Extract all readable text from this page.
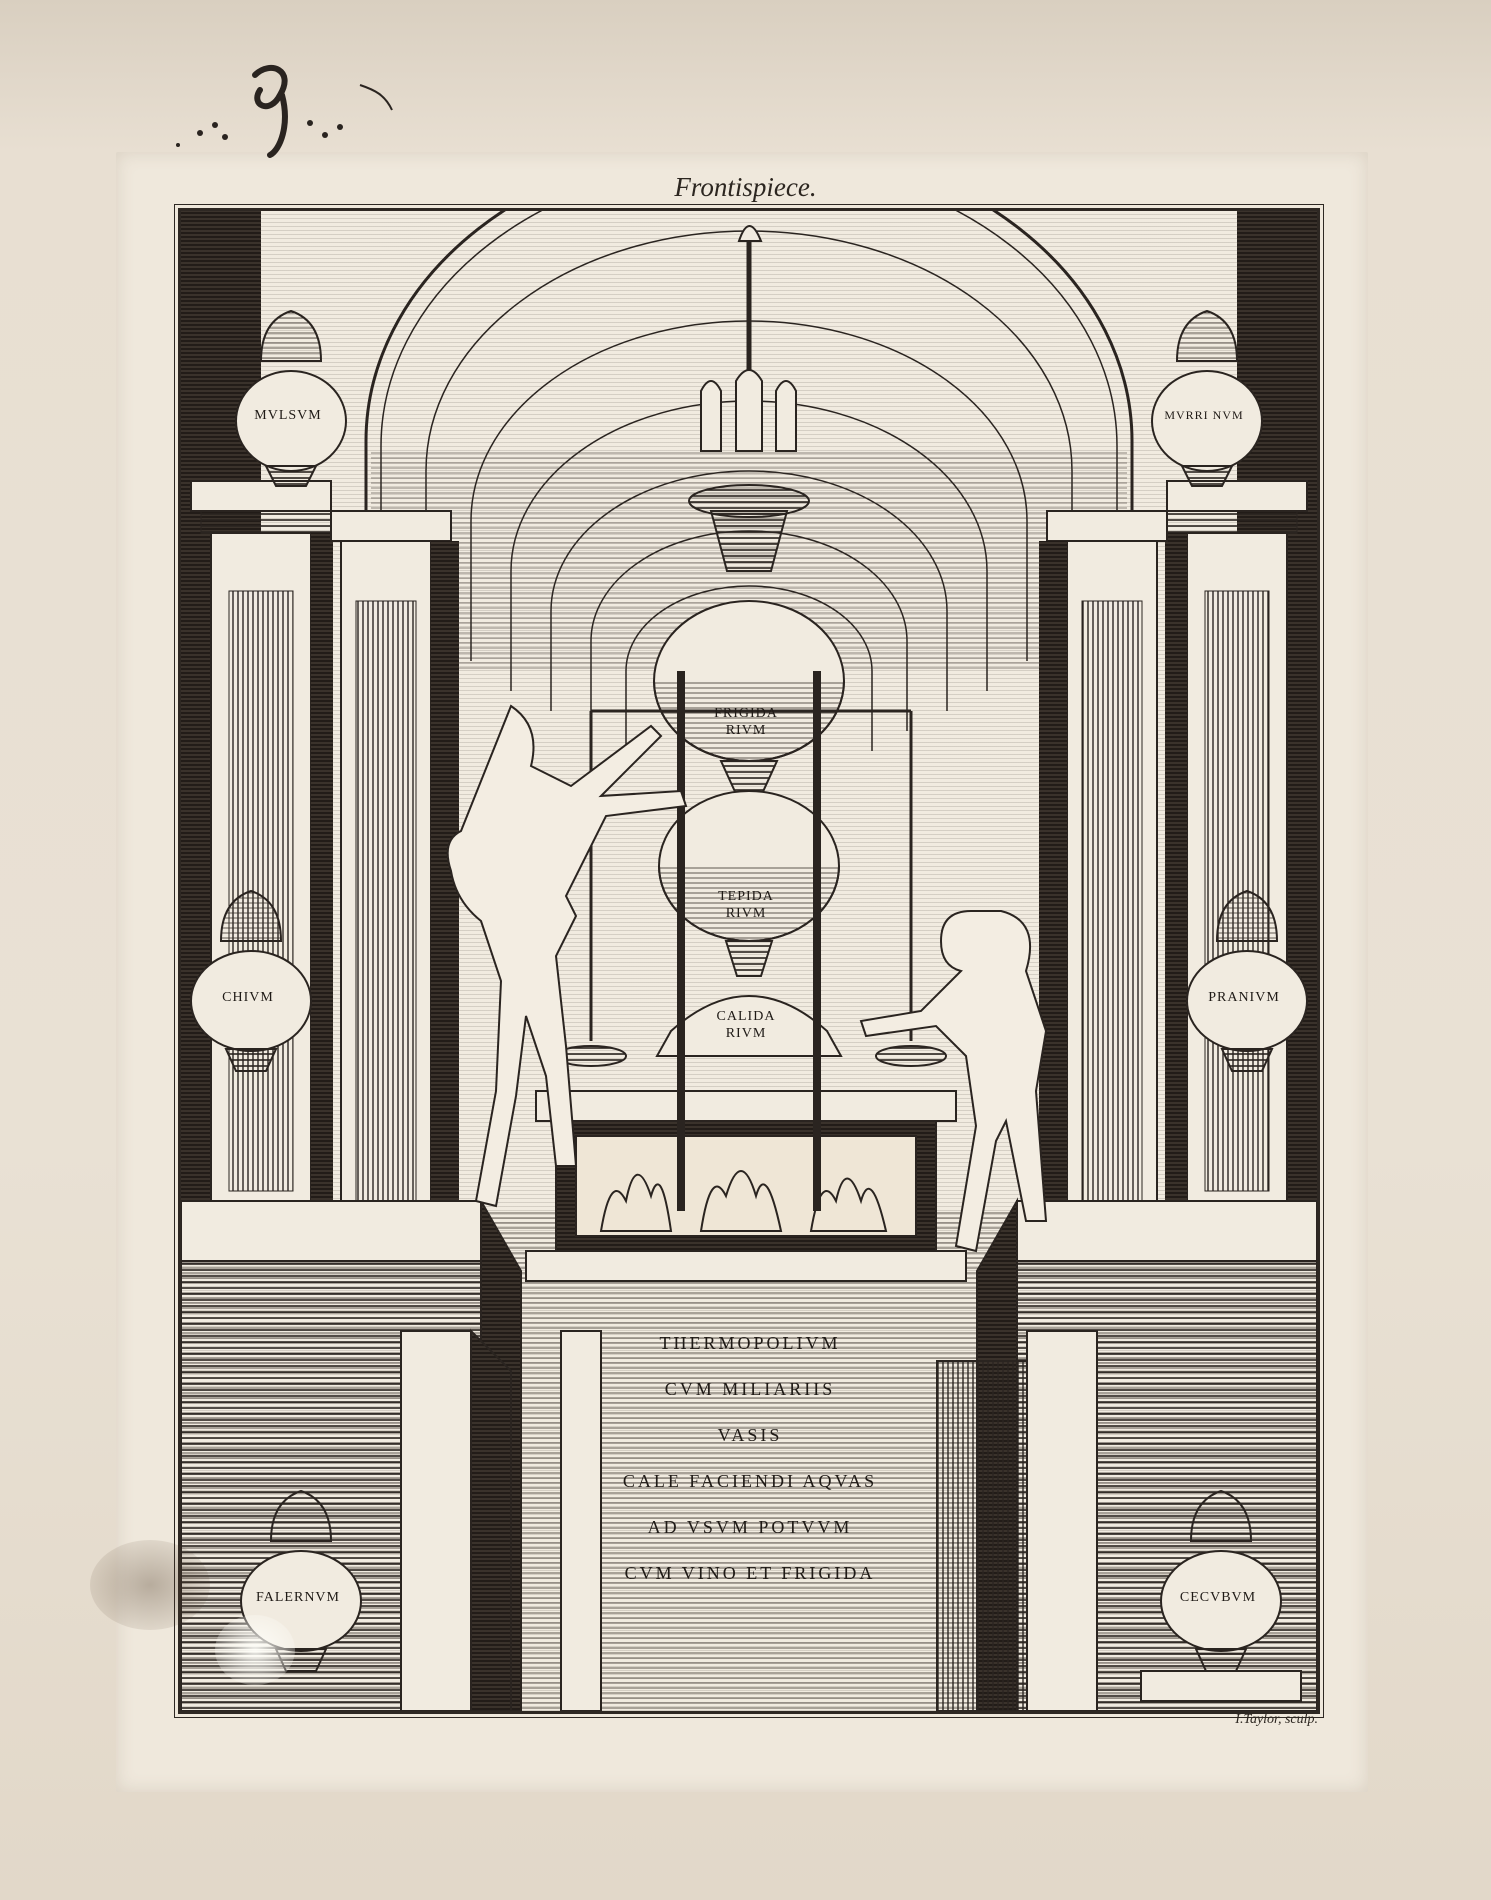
Frontispiece.
MVLSVM	MVRRI NVM
CHIVM	PRANIVM
FALERNVM	CECVBVM
FRIGIDA RIVM
TEPIDA RIVM
CALIDA RIVM
THERMOPOLIVM
CVM MILIARIIS
VASIS
CALE FACIENDI AQVAS
AD VSVM POTVVM
CVM VINO ET FRIGIDA
I.Taylor, sculp.
